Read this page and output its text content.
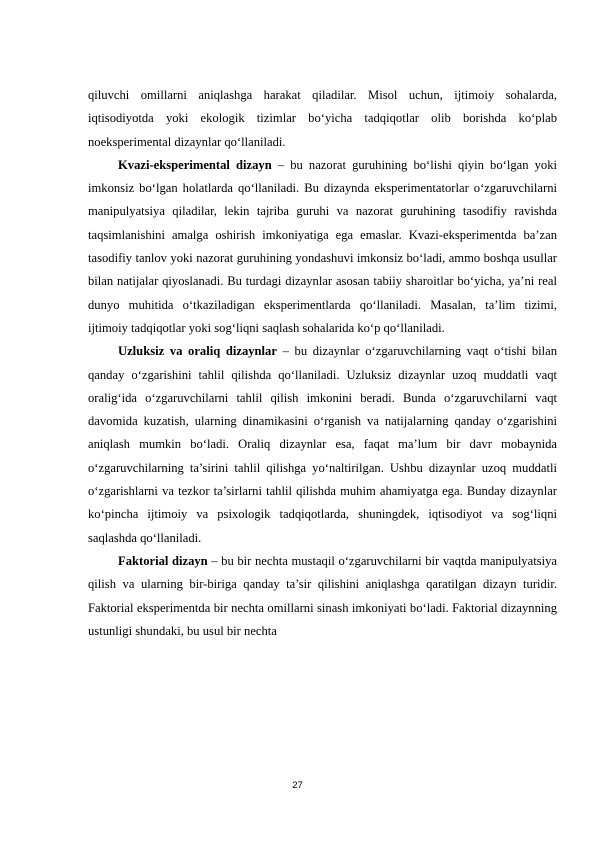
qiluvchi omillarni aniqlashga harakat qiladilar. Misol uchun, ijtimoiy sohalarda, iqtisodiyotda yoki ekologik tizimlar bo‘yicha tadqiqotlar olib borishda ko‘plab noeksperimental dizaynlar qo‘llaniladi.

Kvazi-eksperimental dizayn – bu nazorat guruhining bo‘lishi qiyin bo‘lgan yoki imkonsiz bo‘lgan holatlarda qo‘llaniladi. Bu dizaynda eksperimentatorlar o‘zgaruvchilarni manipulyatsiya qiladilar, lekin tajriba guruhi va nazorat guruhining tasodifiy ravishda taqsimlanishini amalga oshirish imkoniyatiga ega emaslar. Kvazi-eksperimentda ba’zan tasodifiy tanlov yoki nazorat guruhining yondashuvi imkonsiz bo‘ladi, ammo boshqa usullar bilan natijalar qiyoslanadi. Bu turdagi dizaynlar asosan tabiiy sharoitlar bo‘yicha, ya’ni real dunyo muhitida o‘tkaziladigan eksperimentlarda qo‘llaniladi. Masalan, ta’lim tizimi, ijtimoiy tadqiqotlar yoki sog‘liqni saqlash sohalarida ko‘p qo‘llaniladi.

Uzluksiz va oraliq dizaynlar – bu dizaynlar o‘zgaruvchilarning vaqt o‘tishi bilan qanday o‘zgarishini tahlil qilishda qo‘llaniladi. Uzluksiz dizaynlar uzoq muddatli vaqt oralig‘ida o‘zgaruvchilarni tahlil qilish imkonini beradi. Bunda o‘zgaruvchilarni vaqt davomida kuzatish, ularning dinamikasini o‘rganish va natijalarning qanday o‘zgarishini aniqlash mumkin bo‘ladi. Oraliq dizaynlar esa, faqat ma’lum bir davr mobaynida o‘zgaruvchilarning ta’sirini tahlil qilishga yo‘naltirilgan. Ushbu dizaynlar uzoq muddatli o‘zgarishlarni va tezkor ta’sirlarni tahlil qilishda muhim ahamiyatga ega. Bunday dizaynlar ko‘pincha ijtimoiy va psixologik tadqiqotlarda, shuningdek, iqtisodiyot va sog‘liqni saqlashda qo‘llaniladi.

Faktorial dizayn – bu bir nechta mustaqil o‘zgaruvchilarni bir vaqtda manipulyatsiya qilish va ularning bir-biriga qanday ta’sir qilishini aniqlashga qaratilgan dizayn turidir. Faktorial eksperimentda bir nechta omillarni sinash imkoniyati bo‘ladi. Faktorial dizaynning ustunligi shundaki, bu usul bir nechta

27
